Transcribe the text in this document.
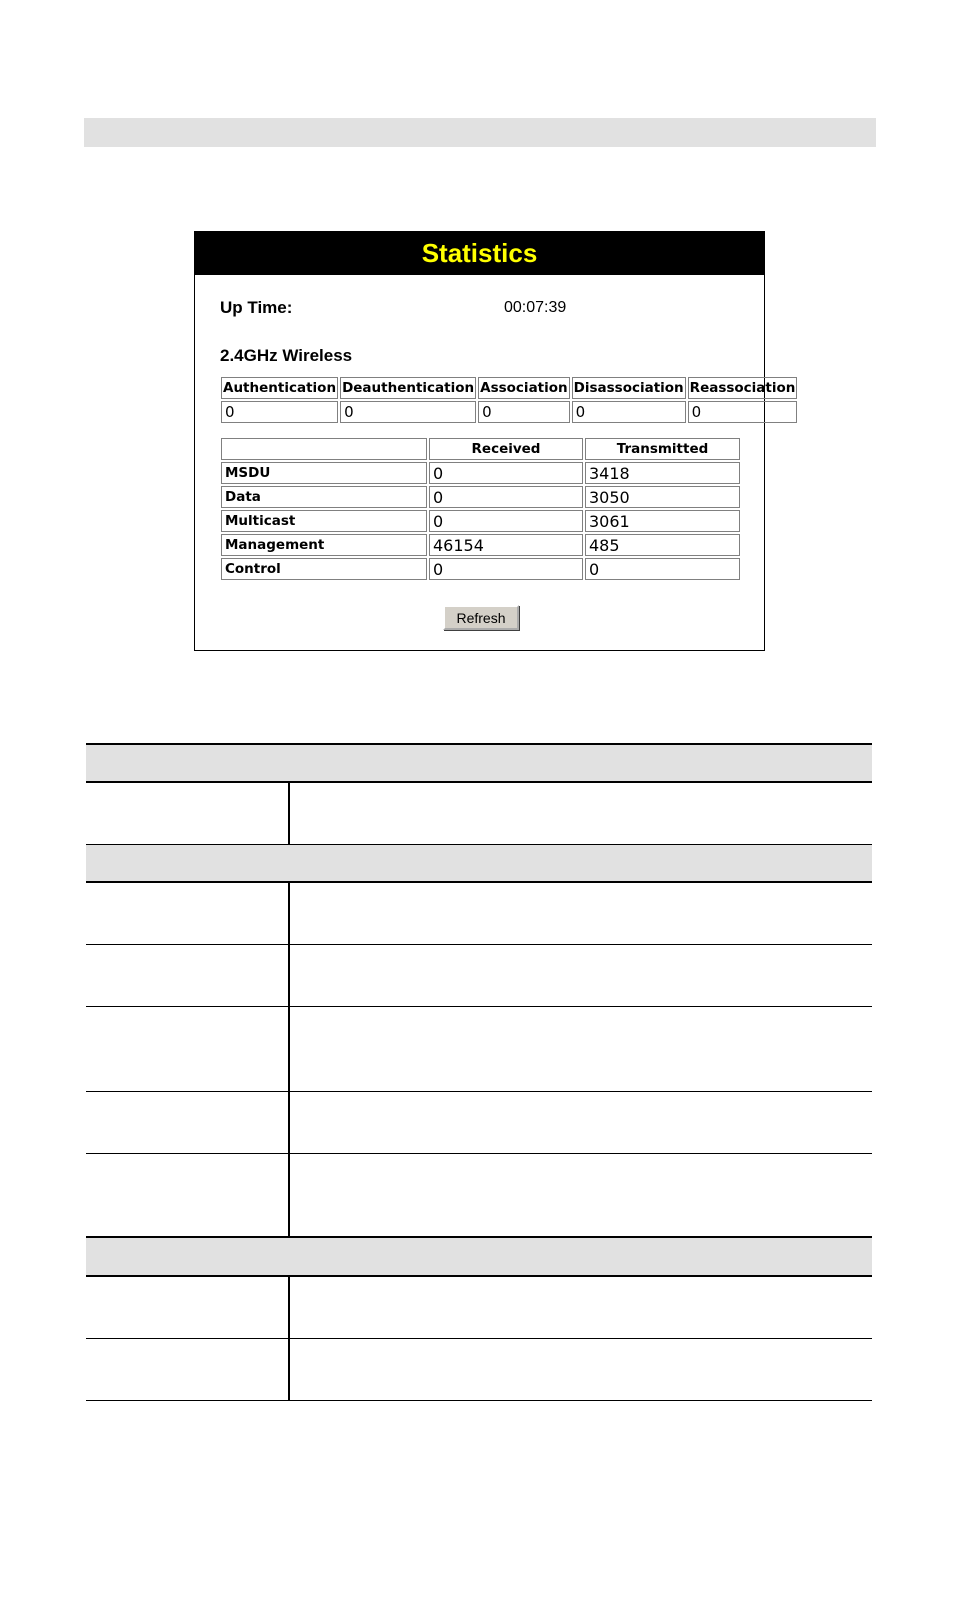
Statistics
Up Time:	00:07:39
2.4GHz Wireless
Authentication	Deauthentication	Association	Disassociation	Reassociation
0	0	0	0	0
	Received	Transmitted
MSDU	0	3418
Data	0	3050
Multicast	0	3061
Management	46154	485
Control	0	0
Refresh
